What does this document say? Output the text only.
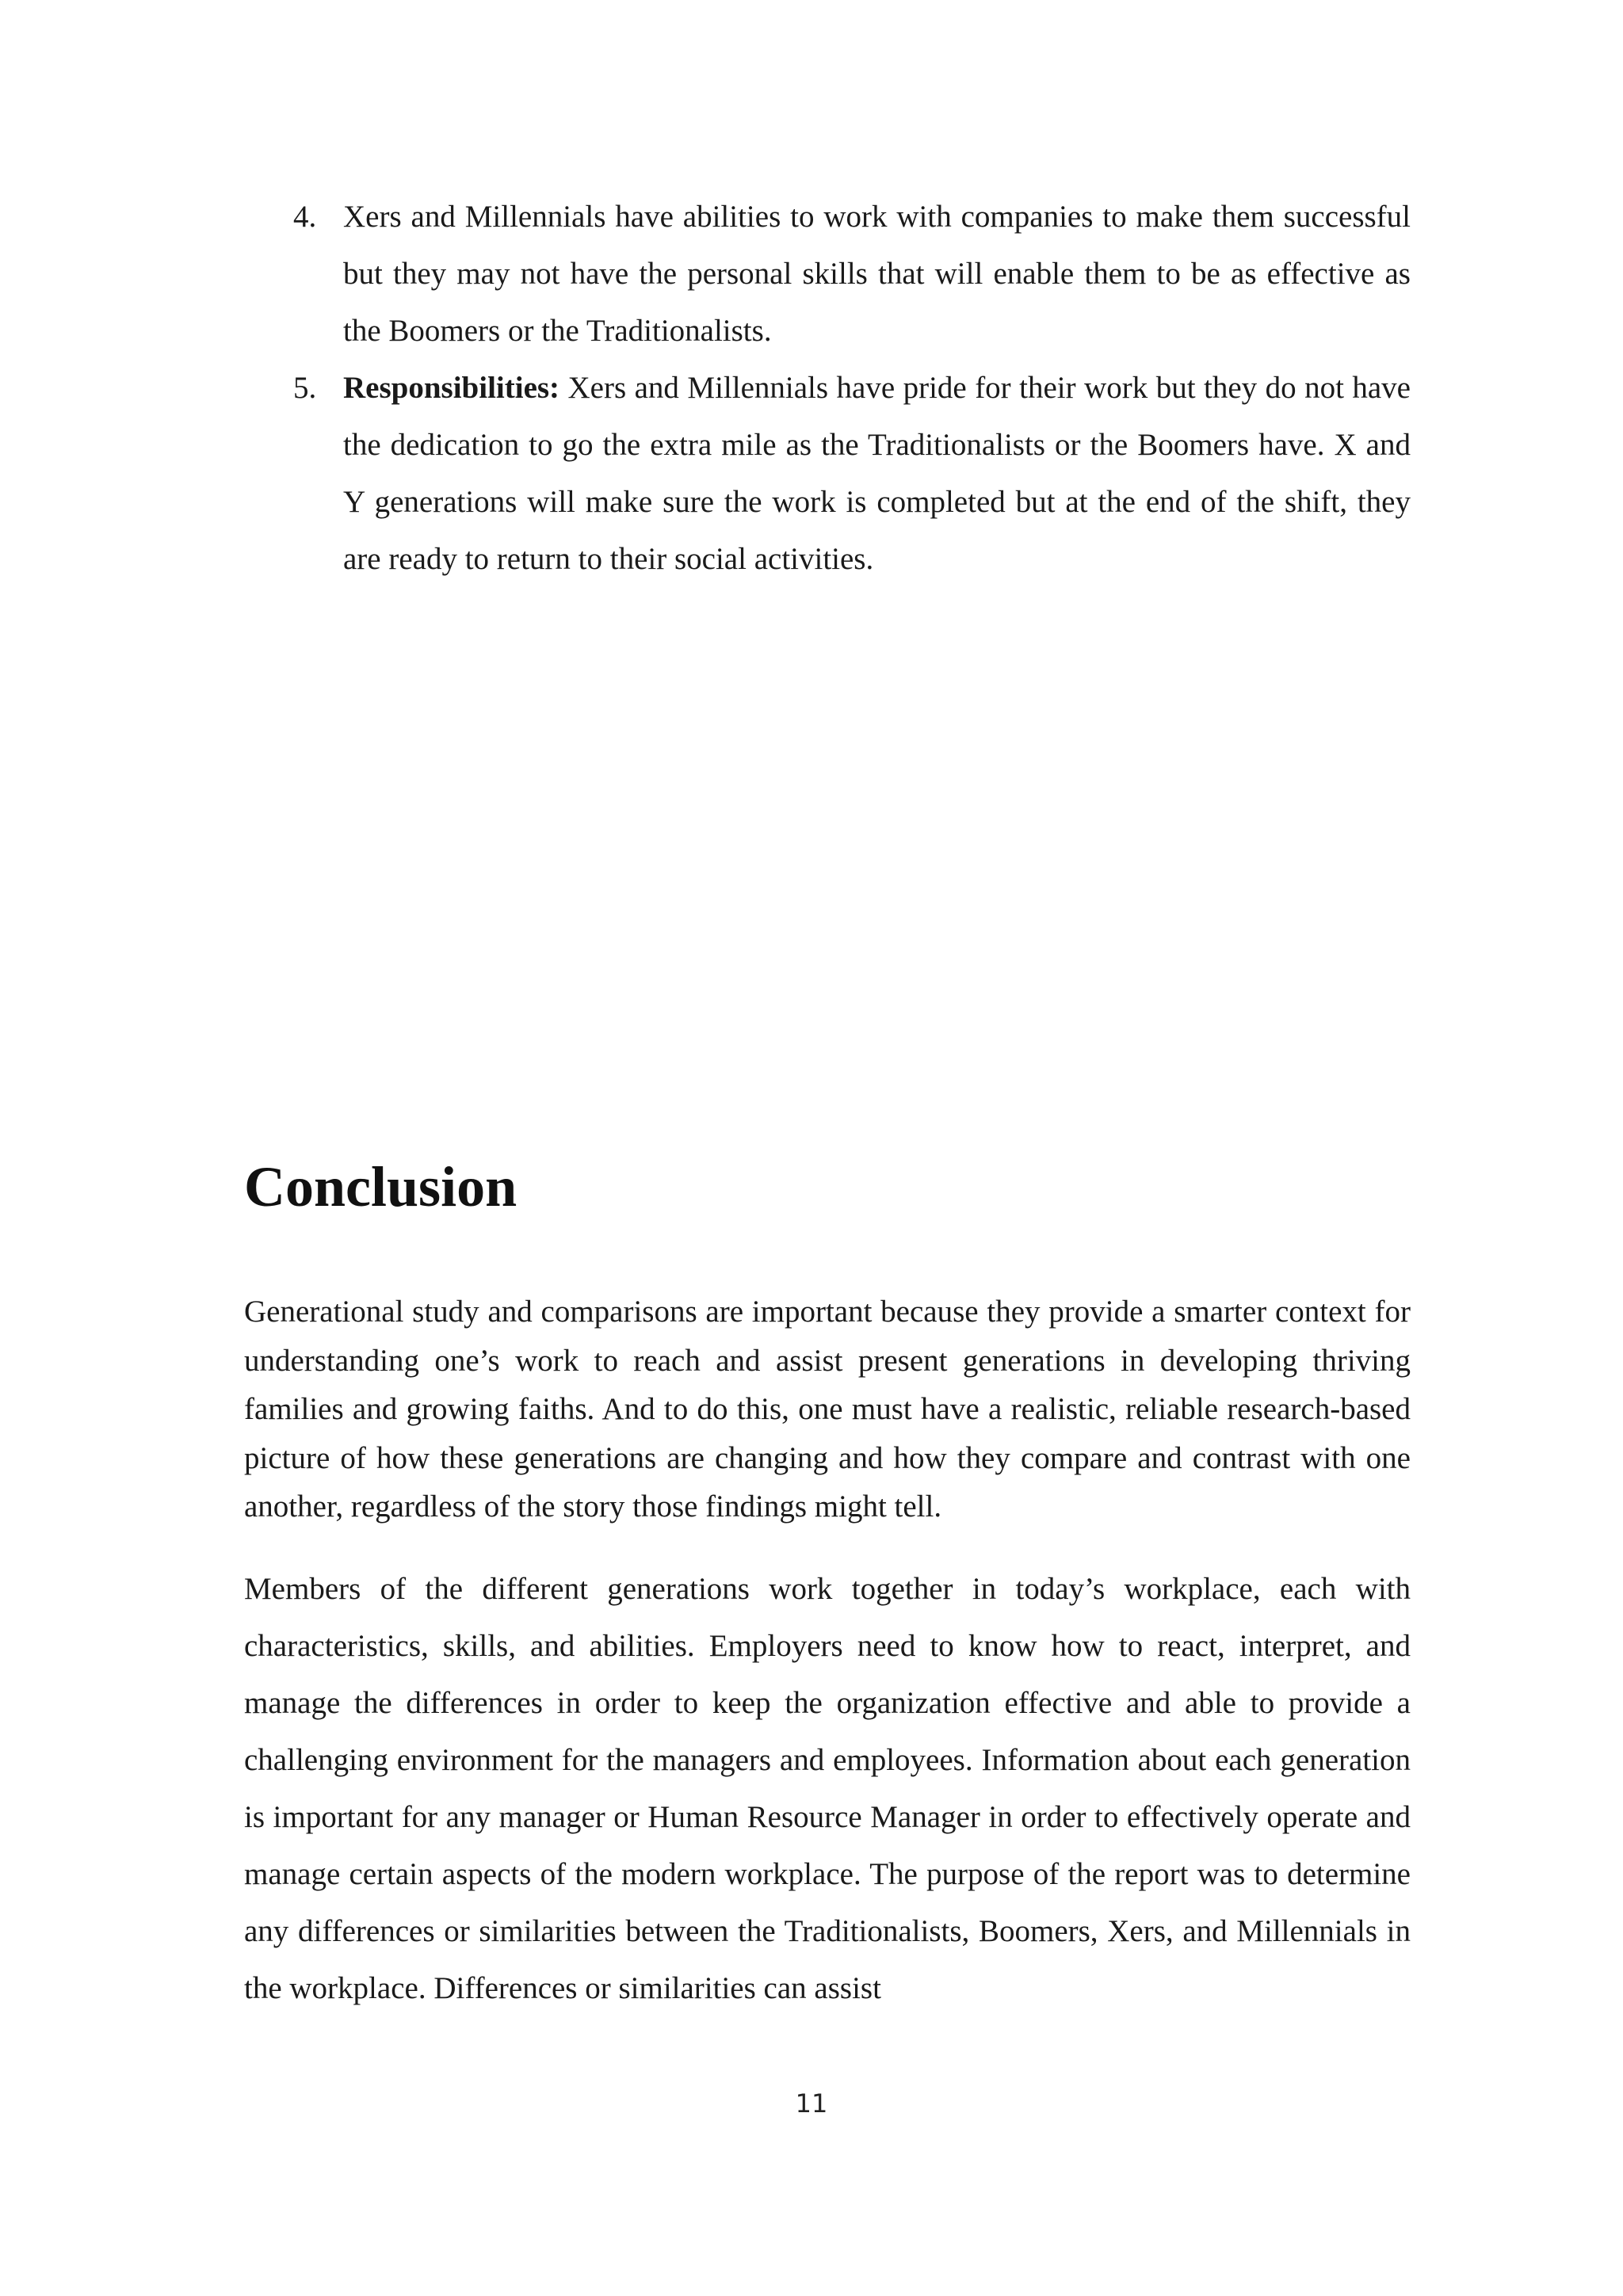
4. Xers and Millennials have abilities to work with companies to make them successful but they may not have the personal skills that will enable them to be as effective as the Boomers or the Traditionalists.
5. Responsibilities: Xers and Millennials have pride for their work but they do not have the dedication to go the extra mile as the Traditionalists or the Boomers have. X and Y generations will make sure the work is completed but at the end of the shift, they are ready to return to their social activities.
Conclusion

Generational study and comparisons are important because they provide a smarter context for understanding one’s work to reach and assist present generations in developing thriving families and growing faiths. And to do this, one must have a realistic, reliable research-based picture of how these generations are changing and how they compare and contrast with one another, regardless of the story those findings might tell.

Members of the different generations work together in today’s workplace, each with characteristics, skills, and abilities. Employers need to know how to react, interpret, and manage the differences in order to keep the organization effective and able to provide a challenging environment for the managers and employees. Information about each generation is important for any manager or Human Resource Manager in order to effectively operate and manage certain aspects of the modern workplace. The purpose of the report was to determine any differences or similarities between the Traditionalists, Boomers, Xers, and Millennials in the workplace. Differences or similarities can assist

11
